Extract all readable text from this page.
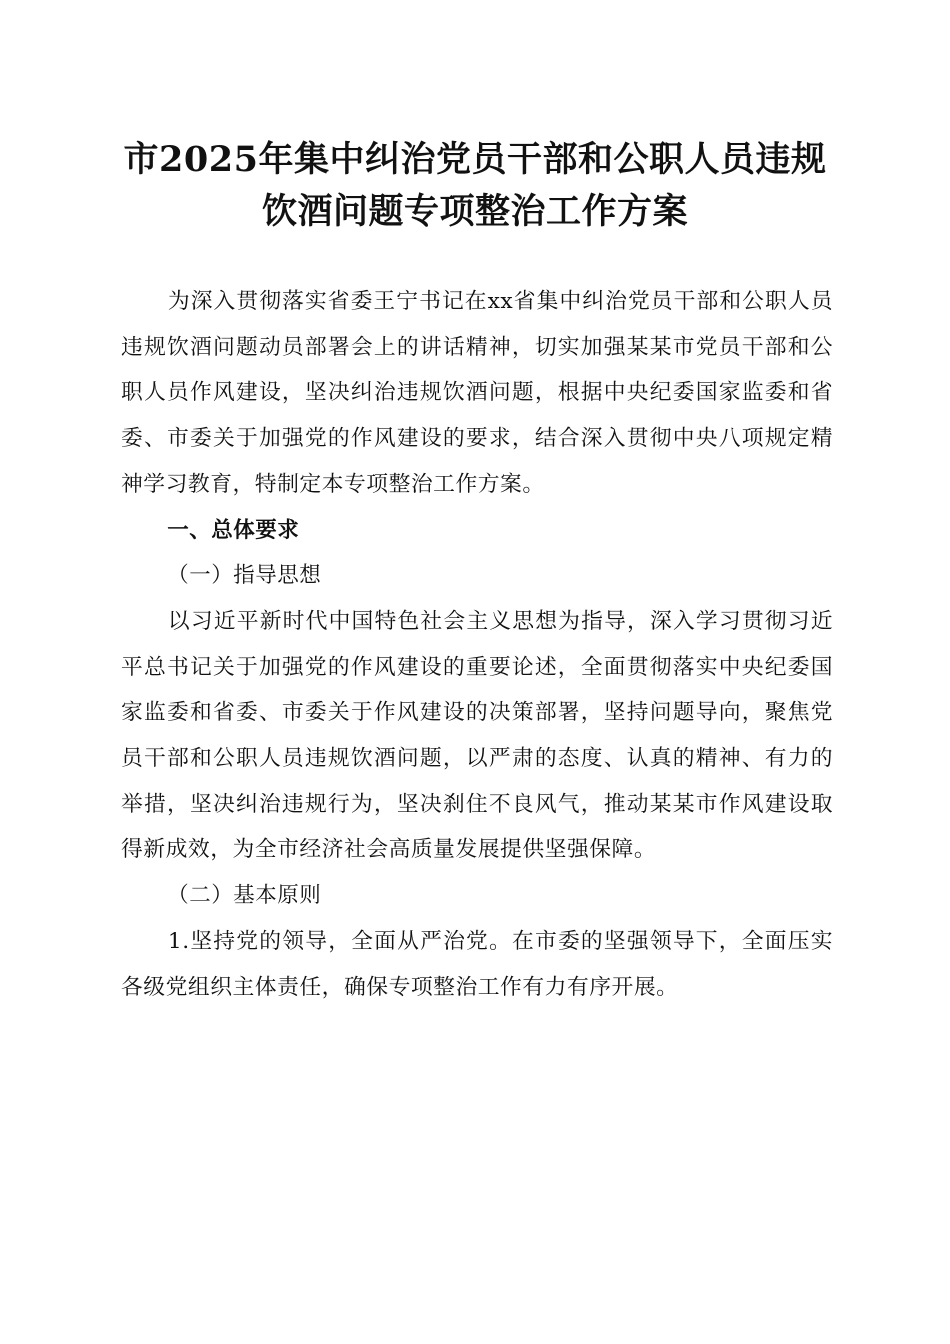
市2025年集中纠治党员干部和公职人员违规
饮酒问题专项整治工作方案

为深入贯彻落实省委王宁书记在xx省集中纠治党员干部和公职人员违规饮酒问题动员部署会上的讲话精神，切实加强某某市党员干部和公职人员作风建设，坚决纠治违规饮酒问题，根据中央纪委国家监委和省委、市委关于加强党的作风建设的要求，结合深入贯彻中央八项规定精神学习教育，特制定本专项整治工作方案。

一、总体要求

（一）指导思想

以习近平新时代中国特色社会主义思想为指导，深入学习贯彻习近平总书记关于加强党的作风建设的重要论述，全面贯彻落实中央纪委国家监委和省委、市委关于作风建设的决策部署，坚持问题导向，聚焦党员干部和公职人员违规饮酒问题，以严肃的态度、认真的精神、有力的举措，坚决纠治违规行为，坚决刹住不良风气，推动某某市作风建设取得新成效，为全市经济社会高质量发展提供坚强保障。

（二）基本原则

1.坚持党的领导，全面从严治党。在市委的坚强领导下，全面压实各级党组织主体责任，确保专项整治工作有力有序开展。
